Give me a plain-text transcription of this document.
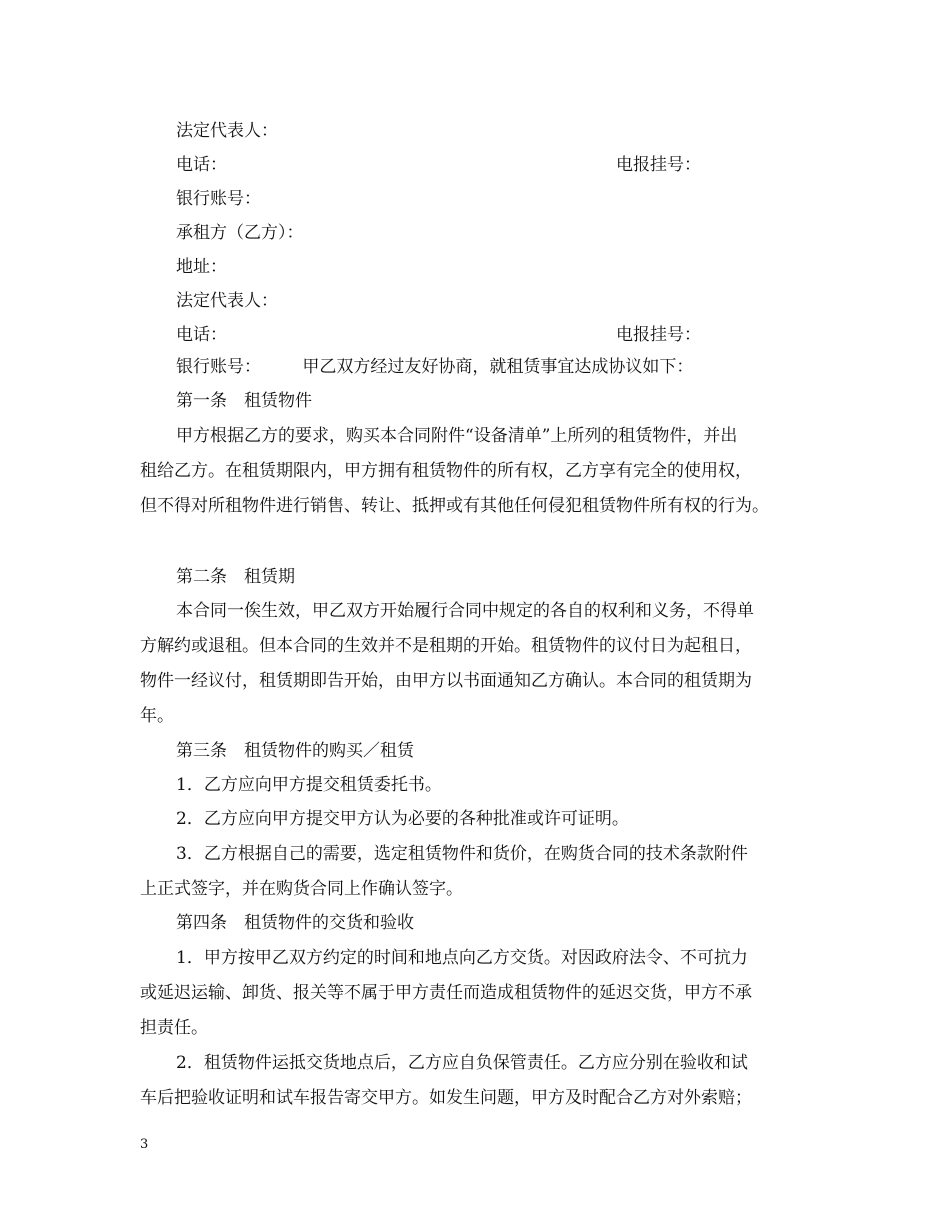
法定代表人：
电话：	电报挂号：
银行账号：
承租方（乙方）：
地址：
法定代表人：
电话：	电报挂号：
银行账号： 甲乙双方经过友好协商，就租赁事宜达成协议如下：
第一条　租赁物件
甲方根据乙方的要求，购买本合同附件“设备清单”上所列的租赁物件，并出
租给乙方。在租赁期限内，甲方拥有租赁物件的所有权，乙方享有完全的使用权，
但不得对所租物件进行销售、转让、抵押或有其他任何侵犯租赁物件所有权的行为。
第二条　租赁期
本合同一俟生效，甲乙双方开始履行合同中规定的各自的权利和义务，不得单
方解约或退租。但本合同的生效并不是租期的开始。租赁物件的议付日为起租日，
物件一经议付，租赁期即告开始，由甲方以书面通知乙方确认。本合同的租赁期为
年。
第三条　租赁物件的购买／租赁
1．乙方应向甲方提交租赁委托书。
2．乙方应向甲方提交甲方认为必要的各种批准或许可证明。
3．乙方根据自己的需要，选定租赁物件和货价，在购货合同的技术条款附件
上正式签字，并在购货合同上作确认签字。
第四条　租赁物件的交货和验收
1．甲方按甲乙双方约定的时间和地点向乙方交货。对因政府法令、不可抗力
或延迟运输、卸货、报关等不属于甲方责任而造成租赁物件的延迟交货，甲方不承
担责任。
2．租赁物件运抵交货地点后，乙方应自负保管责任。乙方应分别在验收和试
车后把验收证明和试车报告寄交甲方。如发生问题，甲方及时配合乙方对外索赔；
3
